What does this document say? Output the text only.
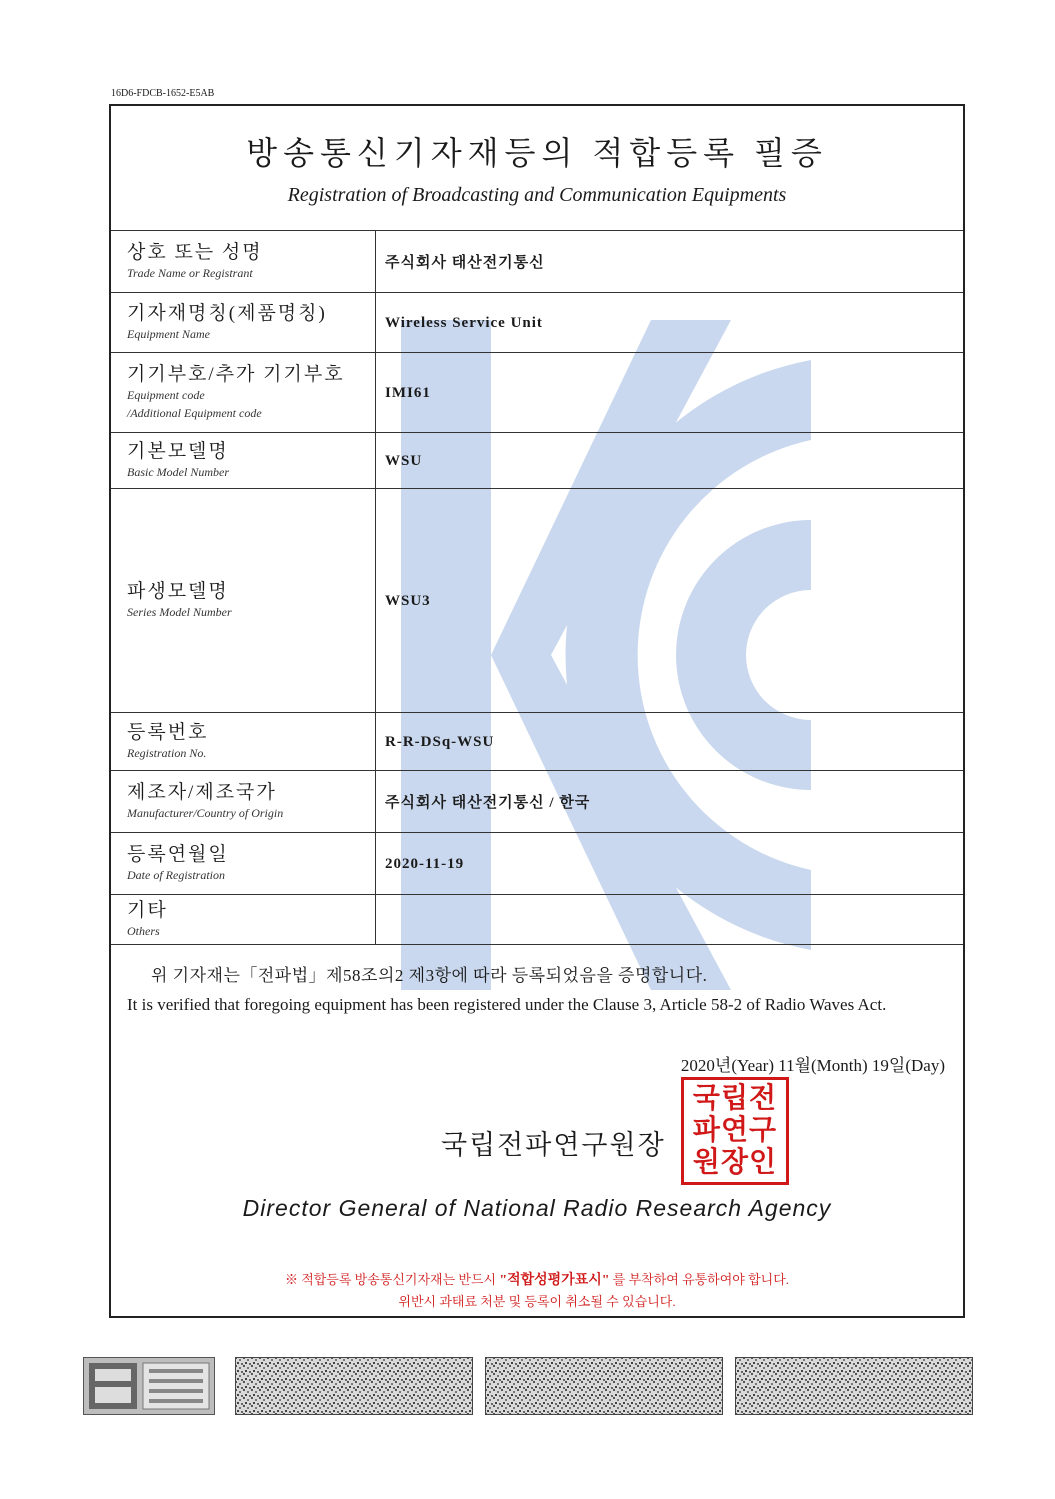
16D6-FDCB-1652-E5AB
방송통신기자재등의 적합등록 필증
Registration of Broadcasting and Communication Equipments
상호 또는 성명
Trade Name or Registrant	주식회사 태산전기통신

기자재명칭(제품명칭)
Equipment Name	Wireless Service Unit

기기부호/추가 기기부호
Equipment code
/Additional Equipment code	IMI61

기본모델명
Basic Model Number	WSU

파생모델명
Series Model Number	WSU3

등록번호
Registration No.	R-R-DSq-WSU

제조자/제조국가
Manufacturer/Country of Origin	주식회사 태산전기통신 / 한국

등록연월일
Date of Registration	2020-11-19

기타
Others	

위 기자재는「전파법」제58조의2 제3항에 따라 등록되었음을 증명합니다.
It is verified that foregoing equipment has been registered under the Clause 3, Article 58-2 of Radio Waves Act.
2020년(Year) 11월(Month) 19일(Day)
국립전파연구원장
국립전파연구원장인
Director General of National Radio Research Agency
※ 적합등록 방송통신기자재는 반드시 "적합성평가표시" 를 부착하여 유통하여야 합니다.
위반시 과태료 처분 및 등록이 취소될 수 있습니다.
